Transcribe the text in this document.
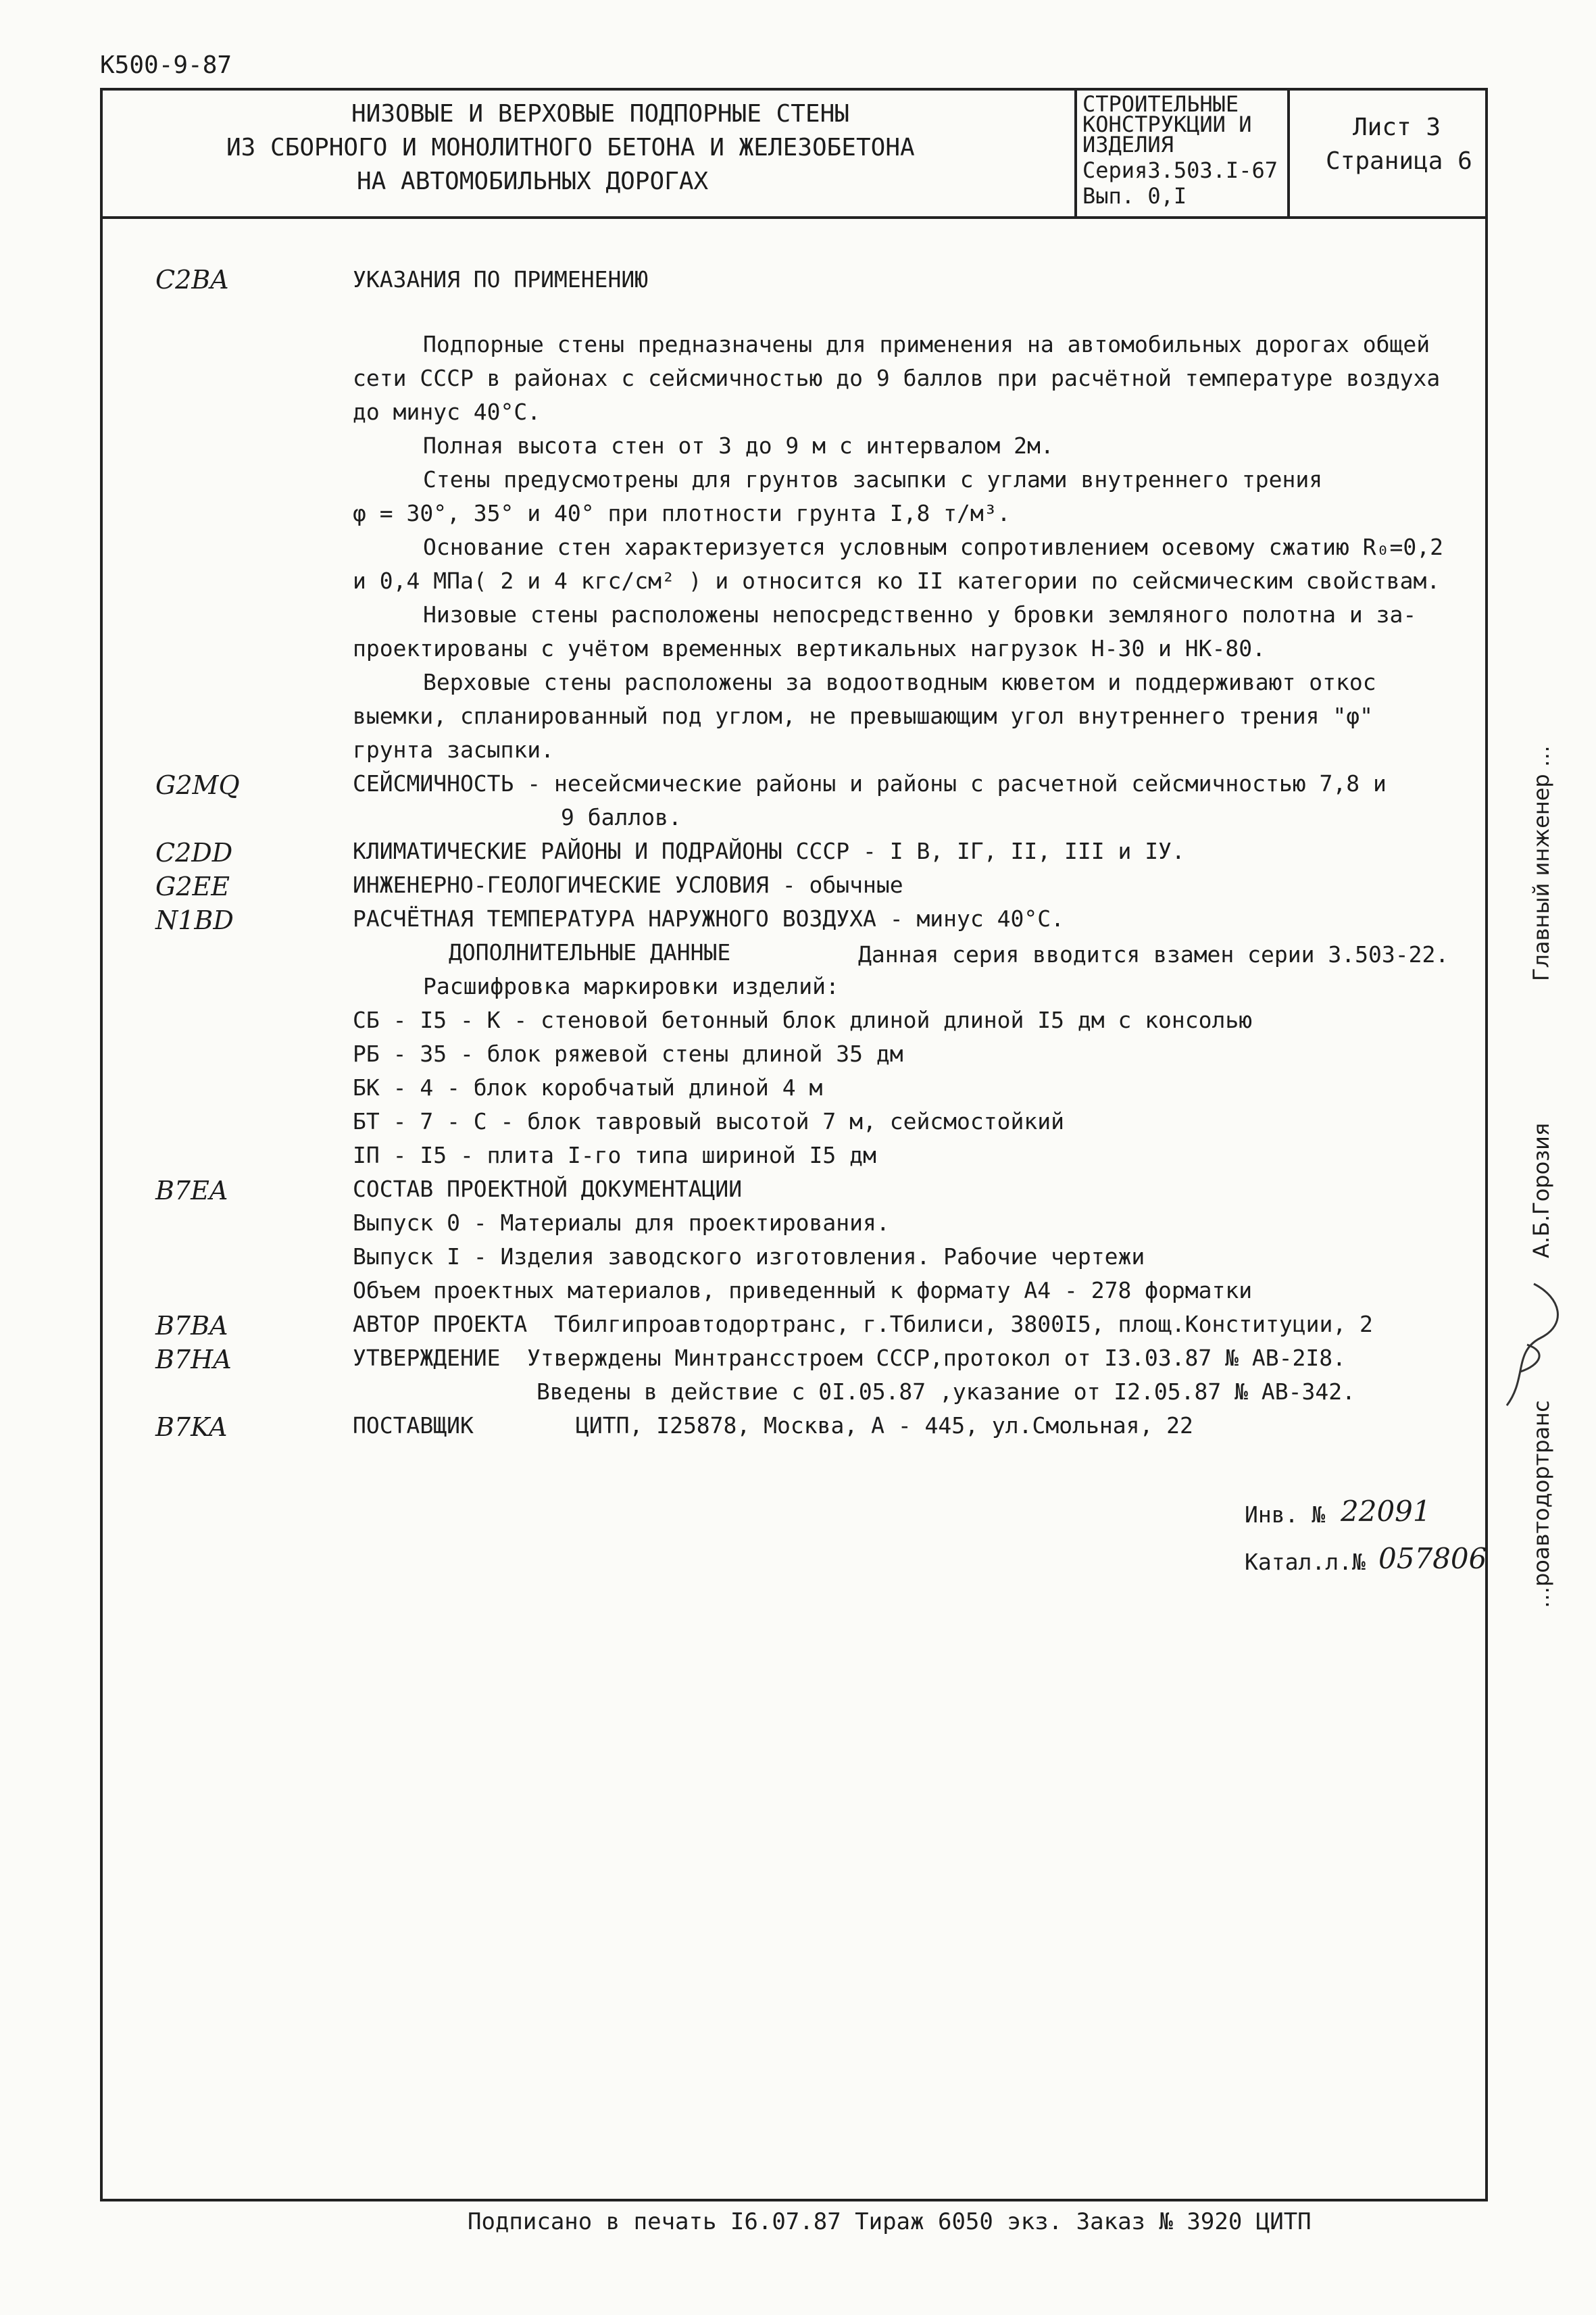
К500-9-87
НИЗОВЫЕ И ВЕРХОВЫЕ ПОДПОРНЫЕ СТЕНЫ
ИЗ СБОРНОГО И МОНОЛИТНОГО БЕТОНА И ЖЕЛЕЗОБЕТОНА
НА АВТОМОБИЛЬНЫХ ДОРОГАХ
СТРОИТЕЛЬНЫЕ
КОНСТРУКЦИИ И
ИЗДЕЛИЯ
Серия3.503.I-67
Вып. 0,I
Лист 3
Страница 6
C2BA	УКАЗАНИЯ ПО ПРИМЕНЕНИЮ
Подпорные стены предназначены для применения на автомобильных дорогах общей
сети СССР в районах с сейсмичностью до 9 баллов при расчётной температуре воздуха
до минус 40°С.
Полная высота стен от 3 до 9 м с интервалом 2м.
Стены предусмотрены для грунтов засыпки с углами внутреннего трения
φ = 30°, 35° и 40° при плотности грунта I,8 т/м³.
Основание стен характеризуется условным сопротивлением осевому сжатию R₀=0,2
и 0,4 МПа( 2 и 4 кгс/см² ) и относится ко II категории по сейсмическим свойствам.
Низовые стены расположены непосредственно у бровки земляного полотна и за-
проектированы с учётом временных вертикальных нагрузок Н-30 и НК-80.
Верховые стены расположены за водоотводным кюветом и поддерживают откос
выемки, спланированный под углом, не превышающим угол внутреннего трения "φ"
грунта засыпки.
G2MQ	СЕЙСМИЧНОСТЬ - несейсмические районы и районы с расчетной сейсмичностью 7,8 и
9 баллов.
C2DD	КЛИМАТИЧЕСКИЕ РАЙОНЫ И ПОДРАЙОНЫ СССР - I В, IГ, II, III и IУ.
G2EE	ИНЖЕНЕРНО-ГЕОЛОГИЧЕСКИЕ УСЛОВИЯ - обычные
N1BD	РАСЧЁТНАЯ ТЕМПЕРАТУРА НАРУЖНОГО ВОЗДУХА - минус 40°С.
ДОПОЛНИТЕЛЬНЫЕ ДАННЫЕ	Данная серия вводится взамен серии 3.503-22.
Расшифровка маркировки изделий:
СБ - I5 - К - стеновой бетонный блок длиной длиной I5 дм с консолью
РБ - 35 - блок ряжевой стены длиной 35 дм
БК - 4 - блок коробчатый длиной 4 м
БТ - 7 - С - блок тавровый высотой 7 м, сейсмостойкий
IП - I5 - плита I-го типа шириной I5 дм
B7EA	СОСТАВ ПРОЕКТНОЙ ДОКУМЕНТАЦИИ
Выпуск 0 - Материалы для проектирования.
Выпуск I - Изделия заводского изготовления. Рабочие чертежи
Объем проектных материалов, приведенный к формату А4 - 278 форматки
B7BA	АВТОР ПРОЕКТА Тбилгипроавтодортранс, г.Тбилиси, 3800I5, площ.Конституции, 2
B7HA	УТВЕРЖДЕНИЕ Утверждены Минтрансстроем СССР,протокол от I3.03.87 № АВ-2I8.
Введены в действие с 0I.05.87 ,указание от I2.05.87 № АВ-342.
B7KA	ПОСТАВЩИК	ЦИТП, I25878, Москва, А - 445, ул.Смольная, 22
Инв. № 22091
Катал.л.№ 057806 …роавтодортранс
А.Б.Горозия
Главный инженер …
Подписано в печать I6.07.87 Тираж 6050 экз. Заказ № 3920 ЦИТП
